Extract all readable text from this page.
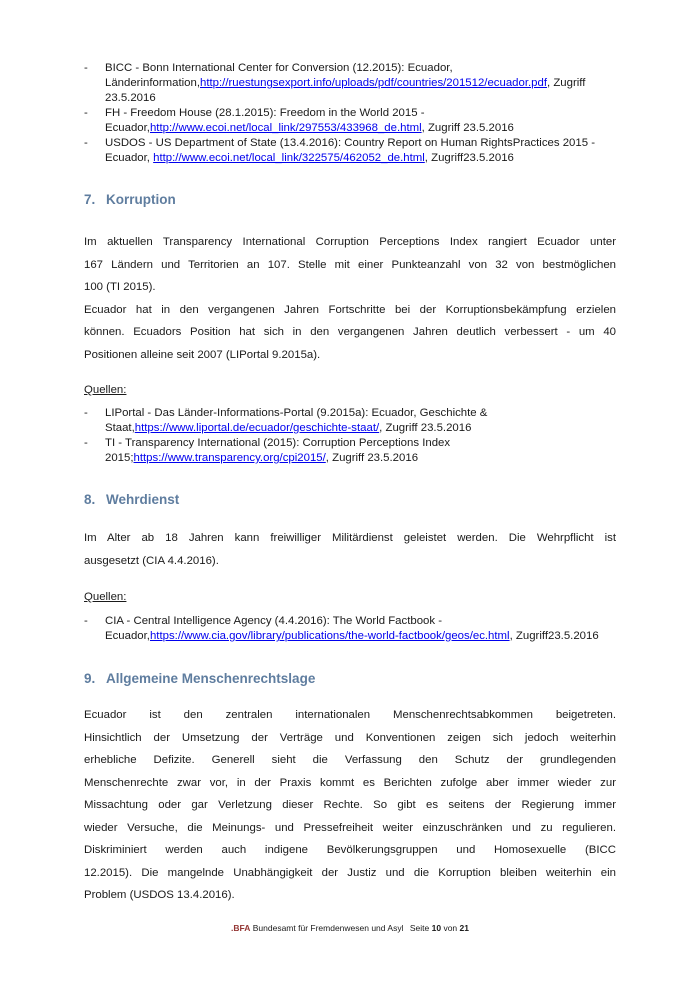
-	BICC - Bonn International Center for Conversion (12.2015): Ecuador, Länderinformation,http://ruestungsexport.info/uploads/pdf/countries/201512/ecuador.pdf, Zugriff 23.5.2016
-	FH - Freedom House (28.1.2015): Freedom in the World 2015 - Ecuador,http://www.ecoi.net/local_link/297553/433968_de.html, Zugriff 23.5.2016
-	USDOS - US Department of State (13.4.2016): Country Report on Human RightsPractices 2015 - Ecuador, http://www.ecoi.net/local_link/322575/462052_de.html, Zugriff23.5.2016
7. Korruption
Im aktuellen Transparency International Corruption Perceptions Index rangiert Ecuador unter
167 Ländern und Territorien an 107. Stelle mit einer Punkteanzahl von 32 von bestmöglichen
100 (TI 2015).
Ecuador hat in den vergangenen Jahren Fortschritte bei der Korruptionsbekämpfung erzielen
können. Ecuadors Position hat sich in den vergangenen Jahren deutlich verbessert - um 40
Positionen alleine seit 2007 (LIPortal 9.2015a).
Quellen:
-	LIPortal - Das Länder-Informations-Portal (9.2015a): Ecuador, Geschichte & Staat,https://www.liportal.de/ecuador/geschichte-staat/, Zugriff 23.5.2016
-	TI - Transparency International (2015): Corruption Perceptions Index 2015;https://www.transparency.org/cpi2015/, Zugriff 23.5.2016
8. Wehrdienst
Im Alter ab 18 Jahren kann freiwilliger Militärdienst geleistet werden. Die Wehrpflicht ist
ausgesetzt (CIA 4.4.2016).
Quellen:
-	CIA - Central Intelligence Agency (4.4.2016): The World Factbook - Ecuador,https://www.cia.gov/library/publications/the-world-factbook/geos/ec.html, Zugriff23.5.2016
9. Allgemeine Menschenrechtslage
Ecuador ist den zentralen internationalen Menschenrechtsabkommen beigetreten.
Hinsichtlich der Umsetzung der Verträge und Konventionen zeigen sich jedoch weiterhin
erhebliche Defizite. Generell sieht die Verfassung den Schutz der grundlegenden
Menschenrechte zwar vor, in der Praxis kommt es Berichten zufolge aber immer wieder zur
Missachtung oder gar Verletzung dieser Rechte. So gibt es seitens der Regierung immer
wieder Versuche, die Meinungs- und Pressefreiheit weiter einzuschränken und zu regulieren.
Diskriminiert werden auch indigene Bevölkerungsgruppen und Homosexuelle (BICC
12.2015). Die mangelnde Unabhängigkeit der Justiz und die Korruption bleiben weiterhin ein
Problem (USDOS 13.4.2016).
.BFA Bundesamt für Fremdenwesen und Asyl Seite 10 von 21
